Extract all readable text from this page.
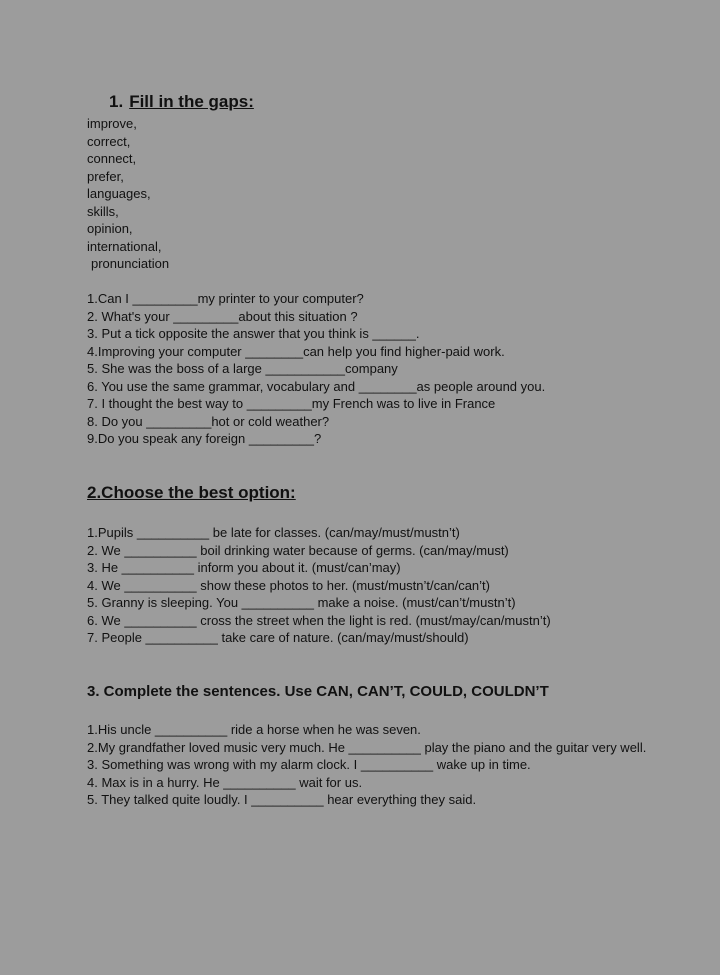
1. Fill in the gaps:
improve,
correct,
connect,
prefer,
languages,
skills,
opinion,
international,
pronunciation
1.Can I _________my printer to your computer?
2. What's your _________about this situation ?
3. Put a tick opposite the answer that you think is ______.
4.Improving your computer ________can help you find higher-paid work.
5. She was the boss of a large ___________company
6. You use the same grammar, vocabulary and ________as people around you.
7. I thought the best way to _________my French was to live in France
8. Do you _________hot or cold weather?
9.Do you speak any foreign _________?
2.Choose the best option:
1.Pupils __________ be late for classes. (can/may/must/mustn’t)
2. We __________ boil drinking water because of germs. (can/may/must)
3. He __________ inform you about it. (must/can’may)
4. We __________ show these photos to her. (must/mustn’t/can/can’t)
5. Granny is sleeping. You __________ make a noise. (must/can’t/mustn’t)
6. We __________ cross the street when the light is red. (must/may/can/mustn’t)
7. People __________ take care of nature. (can/may/must/should)
3. Complete the sentences. Use CAN, CAN’T, COULD, COULDN’T
1.His uncle __________ ride a horse when he was seven.
2.My grandfather loved music very much. He __________ play the piano and the guitar very well.
3. Something was wrong with my alarm clock. I __________ wake up in time.
4. Max is in a hurry. He __________ wait for us.
5. They talked quite loudly. I __________ hear everything they said.
